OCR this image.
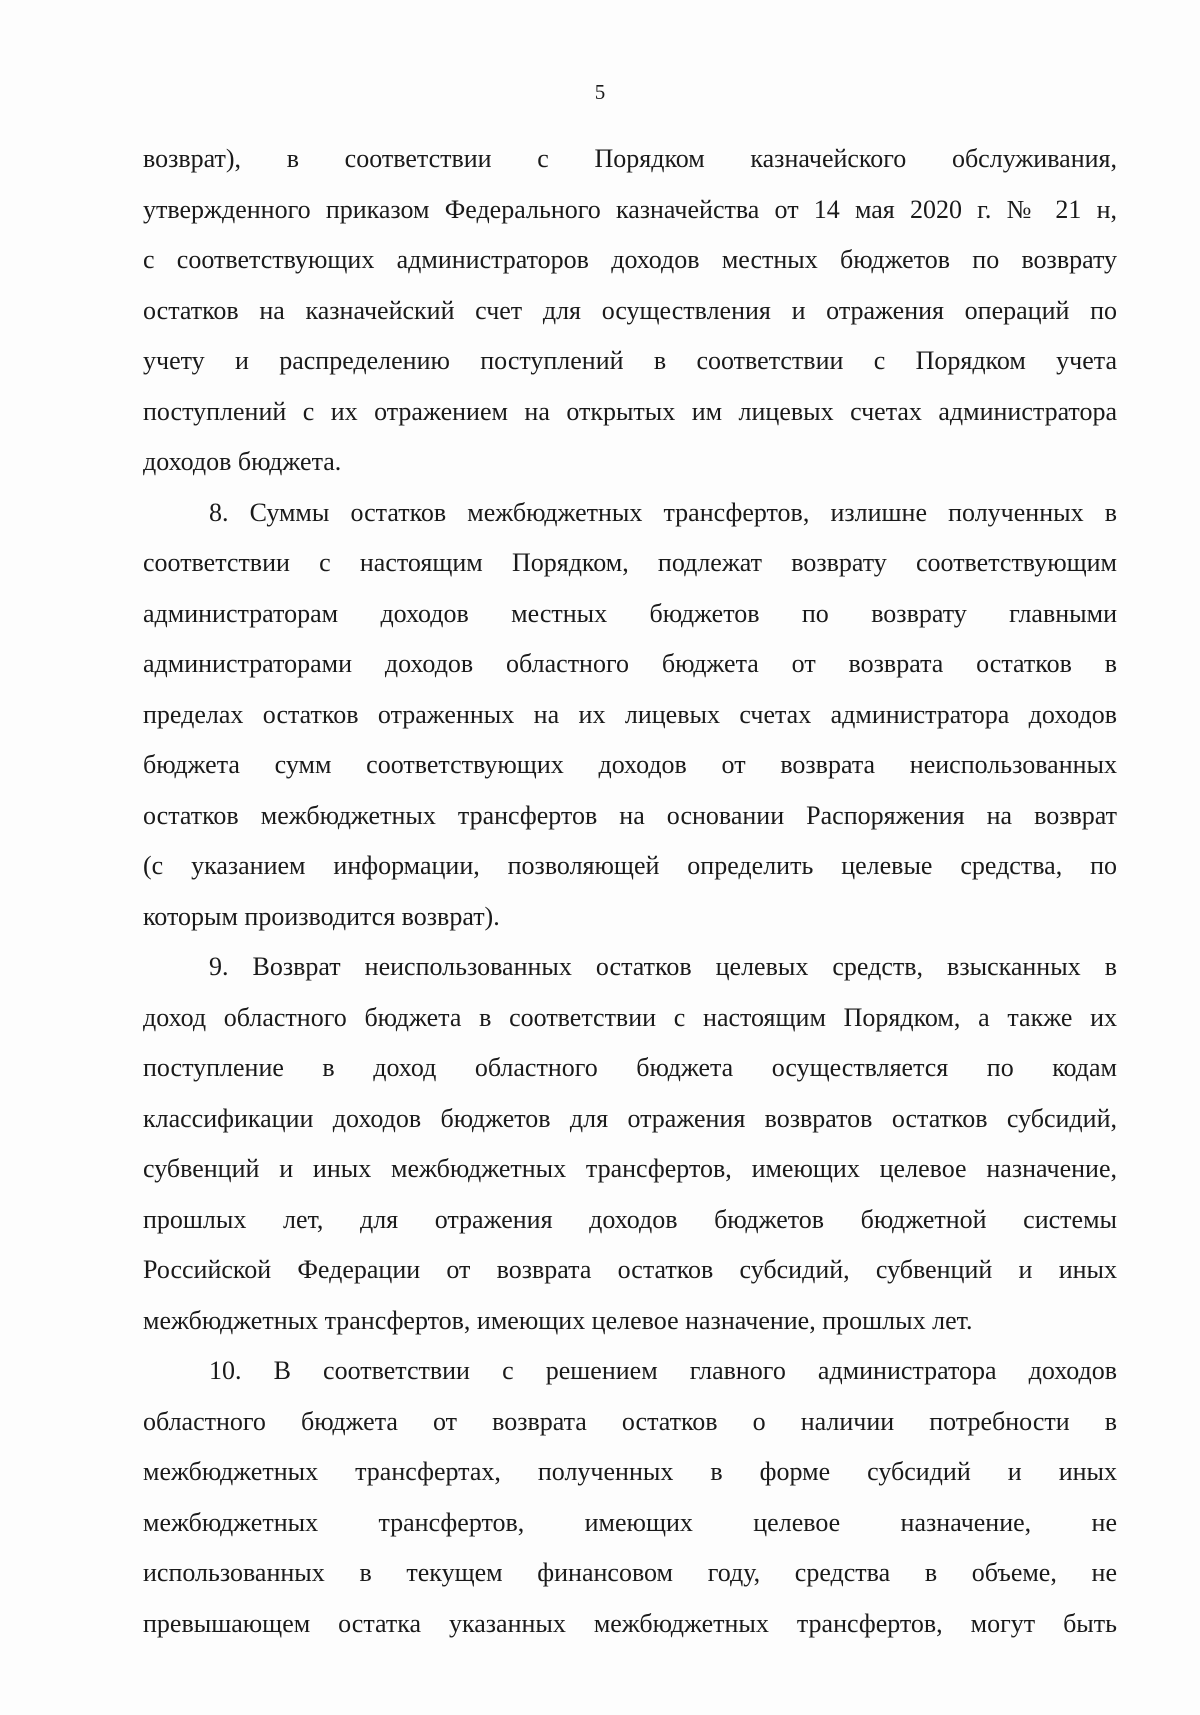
5
возврат), в соответствии с Порядком казначейского обслуживания,
утвержденного приказом Федерального казначейства от 14 мая 2020 г. № 21 н,
с соответствующих администраторов доходов местных бюджетов по возврату
остатков на казначейский счет для осуществления и отражения операций по
учету и распределению поступлений в соответствии с Порядком учета
поступлений с их отражением на открытых им лицевых счетах администратора
доходов бюджета.
8. Суммы остатков межбюджетных трансфертов, излишне полученных в
соответствии с настоящим Порядком, подлежат возврату соответствующим
администраторам доходов местных бюджетов по возврату главными
администраторами доходов областного бюджета от возврата остатков в
пределах остатков отраженных на их лицевых счетах администратора доходов
бюджета сумм соответствующих доходов от возврата неиспользованных
остатков межбюджетных трансфертов на основании Распоряжения на возврат
(с указанием информации, позволяющей определить целевые средства, по
которым производится возврат).
9. Возврат неиспользованных остатков целевых средств, взысканных в
доход областного бюджета в соответствии с настоящим Порядком, а также их
поступление в доход областного бюджета осуществляется по кодам
классификации доходов бюджетов для отражения возвратов остатков субсидий,
субвенций и иных межбюджетных трансфертов, имеющих целевое назначение,
прошлых лет, для отражения доходов бюджетов бюджетной системы
Российской Федерации от возврата остатков субсидий, субвенций и иных
межбюджетных трансфертов, имеющих целевое назначение, прошлых лет.
10. В соответствии с решением главного администратора доходов
областного бюджета от возврата остатков о наличии потребности в
межбюджетных трансфертах, полученных в форме субсидий и иных
межбюджетных трансфертов, имеющих целевое назначение, не
использованных в текущем финансовом году, средства в объеме, не
превышающем остатка указанных межбюджетных трансфертов, могут быть
